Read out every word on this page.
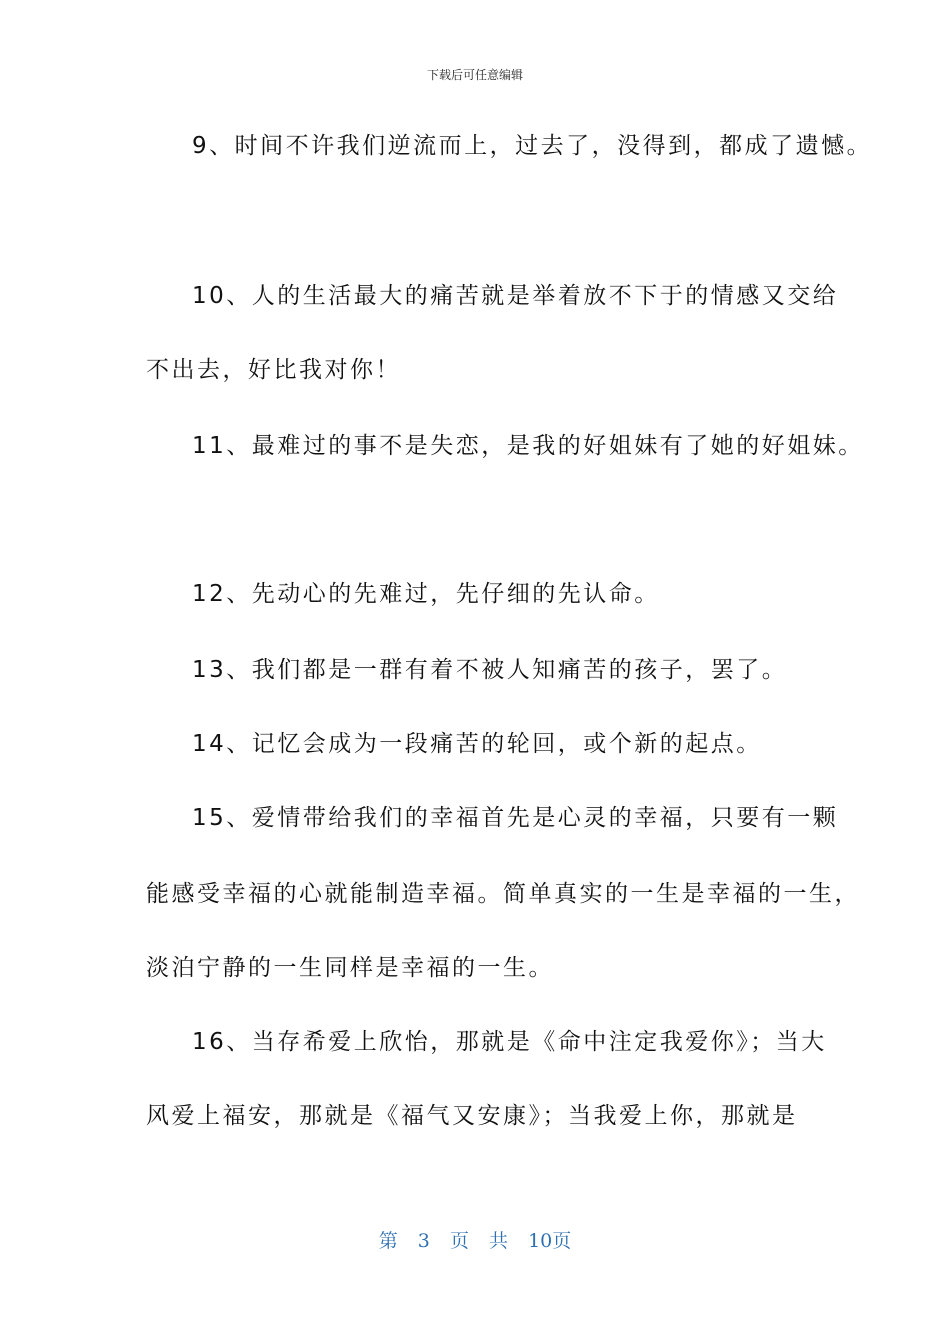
下载后可任意编辑
9、时间不许我们逆流而上，过去了，没得到，都成了遗憾。
10、人的生活最大的痛苦就是举着放不下于的情感又交给
不出去，好比我对你！
11、最难过的事不是失恋，是我的好姐妹有了她的好姐妹。
12、先动心的先难过，先仔细的先认命。
13、我们都是一群有着不被人知痛苦的孩子，罢了。
14、记忆会成为一段痛苦的轮回，或个新的起点。
15、爱情带给我们的幸福首先是心灵的幸福，只要有一颗
能感受幸福的心就能制造幸福。简单真实的一生是幸福的一生，
淡泊宁静的一生同样是幸福的一生。
16、当存希爱上欣怡，那就是《命中注定我爱你》；当大
风爱上福安，那就是《福气又安康》；当我爱上你，那就是
第 3 页 共 10页
